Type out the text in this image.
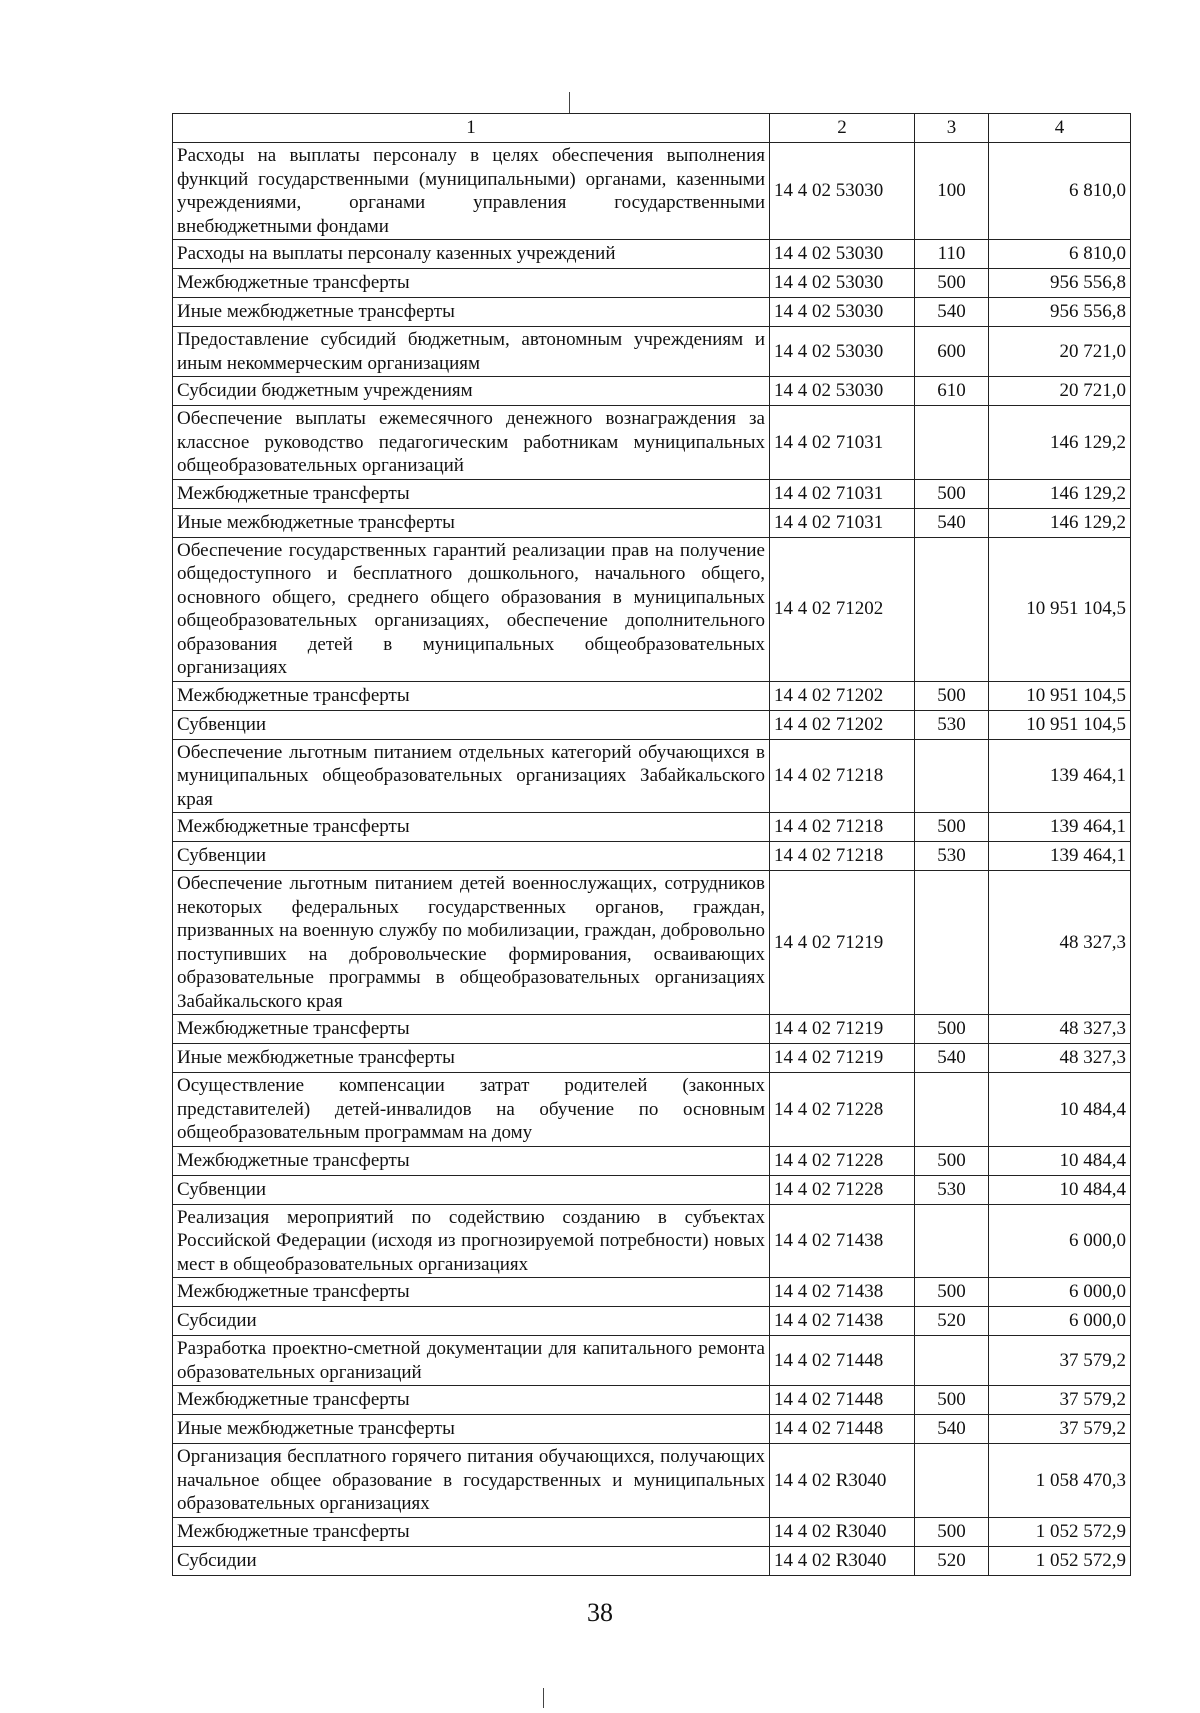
1	2	3	4
Расходы на выплаты персоналу в целях обеспечения выполнения функций государственными (муниципальными) органами, казенными учреждениями, органами управления государственными внебюджетными фондами	14 4 02 53030	100	6 810,0
Расходы на выплаты персоналу казенных учреждений	14 4 02 53030	110	6 810,0
Межбюджетные трансферты	14 4 02 53030	500	956 556,8
Иные межбюджетные трансферты	14 4 02 53030	540	956 556,8
Предоставление субсидий бюджетным, автономным учреждениям и иным некоммерческим организациям	14 4 02 53030	600	20 721,0
Субсидии бюджетным учреждениям	14 4 02 53030	610	20 721,0
Обеспечение выплаты ежемесячного денежного вознаграждения за классное руководство педагогическим работникам муниципальных общеобразовательных организаций	14 4 02 71031		146 129,2
Межбюджетные трансферты	14 4 02 71031	500	146 129,2
Иные межбюджетные трансферты	14 4 02 71031	540	146 129,2
Обеспечение государственных гарантий реализации прав на получение общедоступного и бесплатного дошкольного, начального общего, основного общего, среднего общего образования в муниципальных общеобразовательных организациях, обеспечение дополнительного образования детей в муниципальных общеобразовательных организациях	14 4 02 71202		10 951 104,5
Межбюджетные трансферты	14 4 02 71202	500	10 951 104,5
Субвенции	14 4 02 71202	530	10 951 104,5
Обеспечение льготным питанием отдельных категорий обучающихся в муниципальных общеобразовательных организациях Забайкальского края	14 4 02 71218		139 464,1
Межбюджетные трансферты	14 4 02 71218	500	139 464,1
Субвенции	14 4 02 71218	530	139 464,1
Обеспечение льготным питанием детей военнослужащих, сотрудников некоторых федеральных государственных органов, граждан, призванных на военную службу по мобилизации, граждан, добровольно поступивших на добровольческие формирования, осваивающих образовательные программы в общеобразовательных организациях Забайкальского края	14 4 02 71219		48 327,3
Межбюджетные трансферты	14 4 02 71219	500	48 327,3
Иные межбюджетные трансферты	14 4 02 71219	540	48 327,3
Осуществление компенсации затрат родителей (законных представителей) детей-инвалидов на обучение по основным общеобразовательным программам на дому	14 4 02 71228		10 484,4
Межбюджетные трансферты	14 4 02 71228	500	10 484,4
Субвенции	14 4 02 71228	530	10 484,4
Реализация мероприятий по содействию созданию в субъектах Российской Федерации (исходя из прогнозируемой потребности) новых мест в общеобразовательных организациях	14 4 02 71438		6 000,0
Межбюджетные трансферты	14 4 02 71438	500	6 000,0
Субсидии	14 4 02 71438	520	6 000,0
Разработка проектно-сметной документации для капитального ремонта образовательных организаций	14 4 02 71448		37 579,2
Межбюджетные трансферты	14 4 02 71448	500	37 579,2
Иные межбюджетные трансферты	14 4 02 71448	540	37 579,2
Организация бесплатного горячего питания обучающихся, получающих начальное общее образование в государственных и муниципальных образовательных организациях	14 4 02 R3040		1 058 470,3
Межбюджетные трансферты	14 4 02 R3040	500	1 052 572,9
Субсидии	14 4 02 R3040	520	1 052 572,9
38
